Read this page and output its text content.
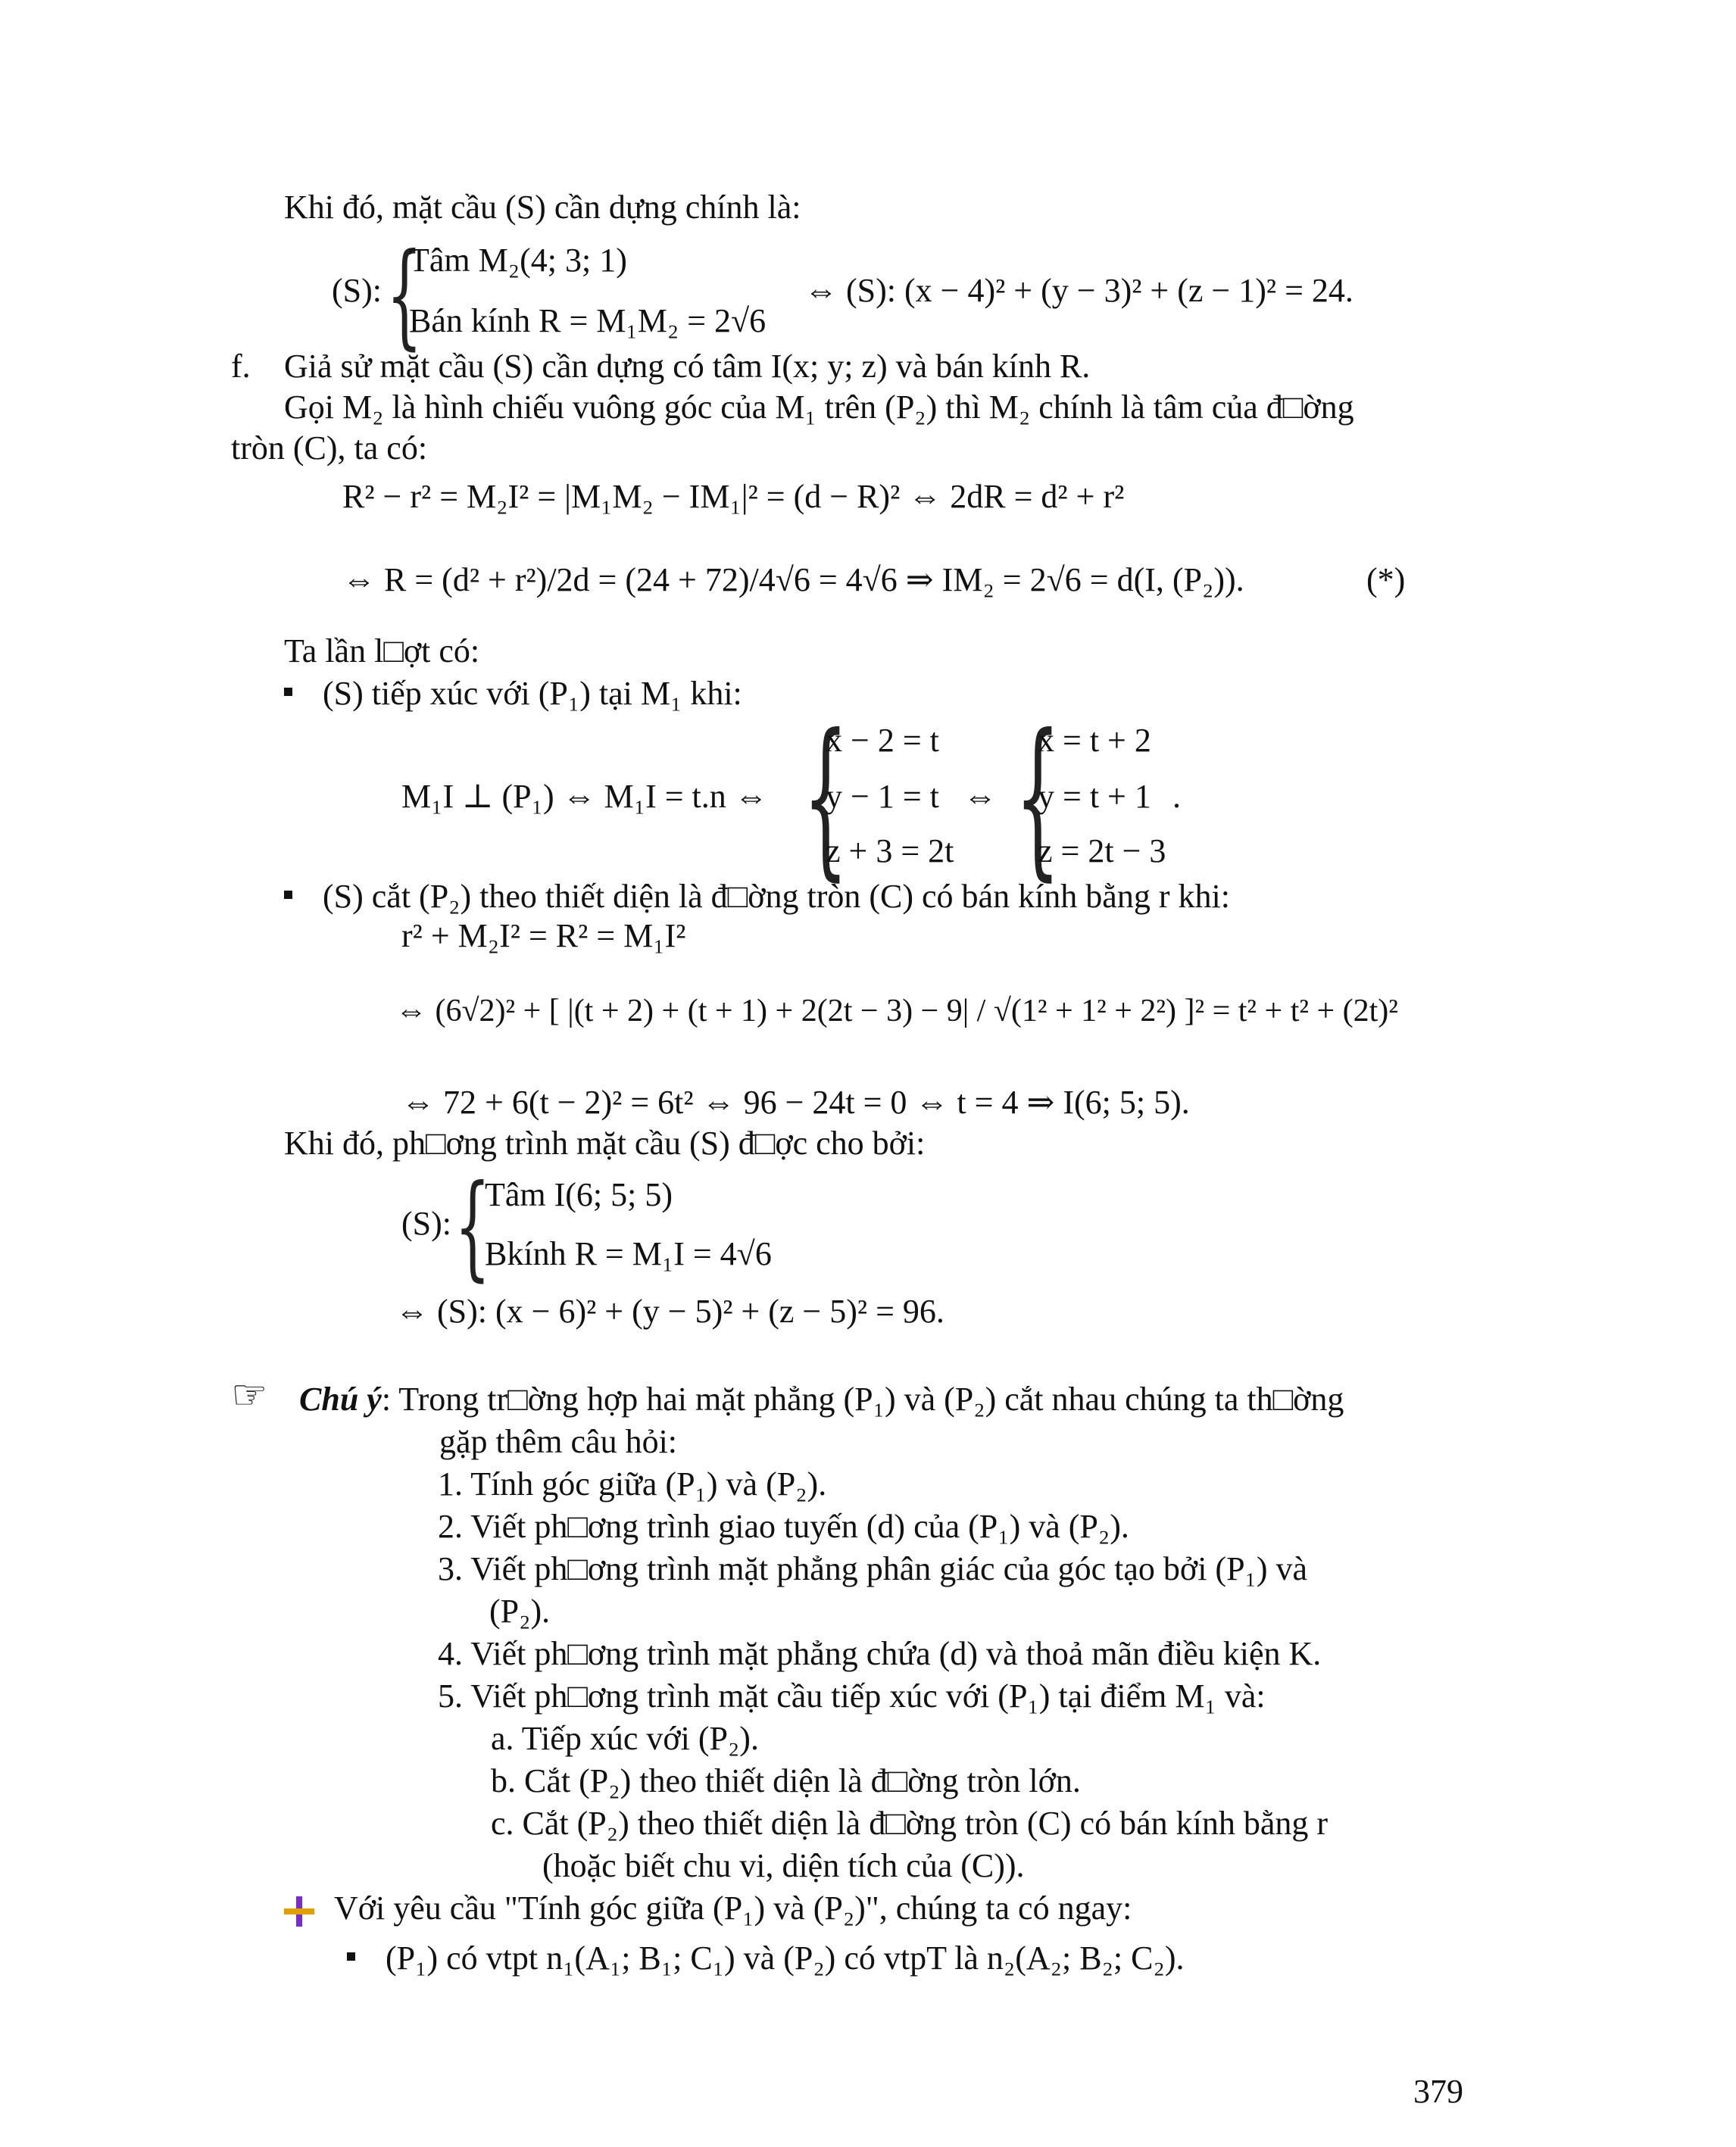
Khi đó, mặt cầu (S) cần dựng chính là:
(S): {
Tâm M₂(4; 3; 1)
Bán kính R = M₁M₂ = 2√6
⇔ (S): (x − 4)² + (y − 3)² + (z − 1)² = 24.
f. Giả sử mặt cầu (S) cần dựng có tâm I(x; y; z) và bán kính R.
Gọi M₂ là hình chiếu vuông góc của M₁ trên (P₂) thì M₂ chính là tâm của đ□ờng
tròn (C), ta có:
R² − r² = M₂I² = |M₁M₂ − IM₁|² = (d − R)² ⇔ 2dR = d² + r²
⇔ R = (d² + r²)/2d = (24 + 72)/4√6 = 4√6 ⇒ IM₂ = 2√6 = d(I, (P₂)).	(*)
Ta lần l□ợt có:
(S) tiếp xúc với (P₁) tại M₁ khi:
M₁I ⊥ (P₁) ⇔ M₁I = t.n ⇔ {
x − 2 = t
y − 1 = t
z + 3 = 2t
⇔ {
x = t + 2
y = t + 1
z = 2t − 3
.
(S) cắt (P₂) theo thiết diện là đ□ờng tròn (C) có bán kính bằng r khi:
r² + M₂I² = R² = M₁I²
⇔ (6√2)² + [ |(t + 2) + (t + 1) + 2(2t − 3) − 9| / √(1² + 1² + 2²) ]² = t² + t² + (2t)²
⇔ 72 + 6(t − 2)² = 6t² ⇔ 96 − 24t = 0 ⇔ t = 4 ⇒ I(6; 5; 5).
Khi đó, ph□ơng trình mặt cầu (S) đ□ợc cho bởi:
(S): {
Tâm I(6; 5; 5)
Bkính R = M₁I = 4√6
⇔ (S): (x − 6)² + (y − 5)² + (z − 5)² = 96.
☜ Chú ý: Trong tr□ờng hợp hai mặt phẳng (P₁) và (P₂) cắt nhau chúng ta th□ờng
gặp thêm câu hỏi:
1. Tính góc giữa (P₁) và (P₂).
2. Viết ph□ơng trình giao tuyến (d) của (P₁) và (P₂).
3. Viết ph□ơng trình mặt phẳng phân giác của góc tạo bởi (P₁) và
(P₂).
4. Viết ph□ơng trình mặt phẳng chứa (d) và thoả mãn điều kiện K.
5. Viết ph□ơng trình mặt cầu tiếp xúc với (P₁) tại điểm M₁ và:
a. Tiếp xúc với (P₂).
b. Cắt (P₂) theo thiết diện là đ□ờng tròn lớn.
c. Cắt (P₂) theo thiết diện là đ□ờng tròn (C) có bán kính bằng r
(hoặc biết chu vi, diện tích của (C)).
Với yêu cầu "Tính góc giữa (P₁) và (P₂)", chúng ta có ngay:
(P₁) có vtpt n₁(A₁; B₁; C₁) và (P₂) có vtpT là n₂(A₂; B₂; C₂).
379
